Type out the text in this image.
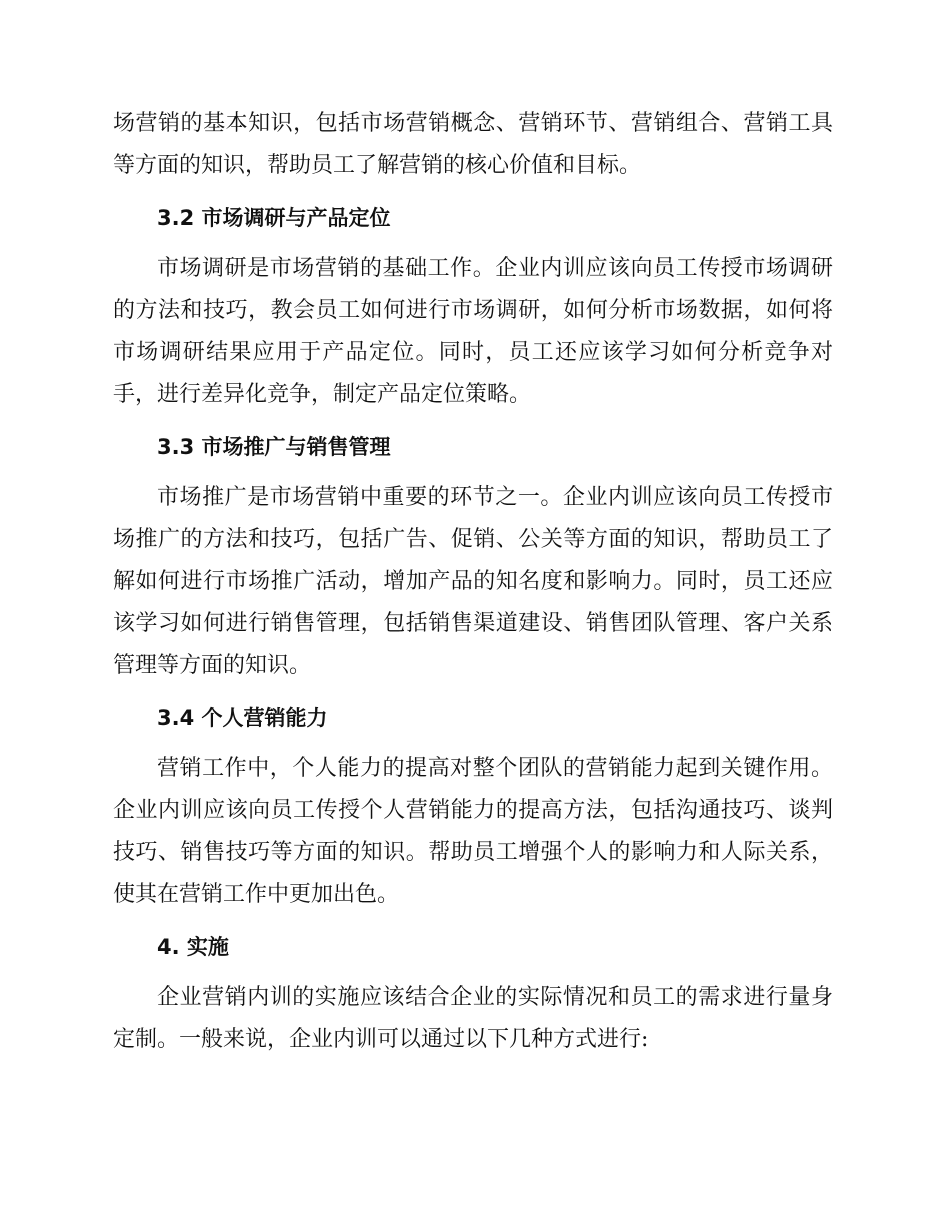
场营销的基本知识，包括市场营销概念、营销环节、营销组合、营销工具等方面的知识，帮助员工了解营销的核心价值和目标。

3.2 市场调研与产品定位

市场调研是市场营销的基础工作。企业内训应该向员工传授市场调研的方法和技巧，教会员工如何进行市场调研，如何分析市场数据，如何将市场调研结果应用于产品定位。同时，员工还应该学习如何分析竞争对手，进行差异化竞争，制定产品定位策略。

3.3 市场推广与销售管理

市场推广是市场营销中重要的环节之一。企业内训应该向员工传授市场推广的方法和技巧，包括广告、促销、公关等方面的知识，帮助员工了解如何进行市场推广活动，增加产品的知名度和影响力。同时，员工还应该学习如何进行销售管理，包括销售渠道建设、销售团队管理、客户关系管理等方面的知识。

3.4 个人营销能力

营销工作中，个人能力的提高对整个团队的营销能力起到关键作用。企业内训应该向员工传授个人营销能力的提高方法，包括沟通技巧、谈判技巧、销售技巧等方面的知识。帮助员工增强个人的影响力和人际关系，使其在营销工作中更加出色。

4. 实施

企业营销内训的实施应该结合企业的实际情况和员工的需求进行量身定制。一般来说，企业内训可以通过以下几种方式进行:
